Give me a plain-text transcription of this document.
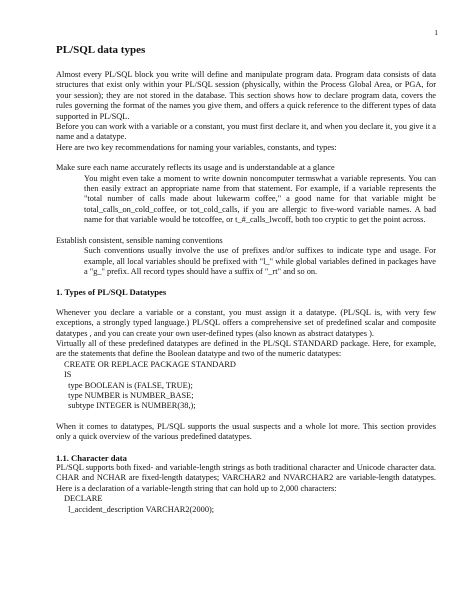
1
PL/SQL data types

Almost every PL/SQL block you write will define and manipulate program data. Program data consists of data structures that exist only within your PL/SQL session (physically, within the Process Global Area, or PGA, for your session); they are not stored in the database. This section shows how to declare program data, covers the rules governing the format of the names you give them, and offers a quick reference to the different types of data supported in PL/SQL.

Before you can work with a variable or a constant, you must first declare it, and when you declare it, you give it a name and a datatype.

Here are two key recommendations for naming your variables, constants, and types:

Make sure each name accurately reflects its usage and is understandable at a glance

You might even take a moment to write downin noncomputer termswhat a variable represents. You can then easily extract an appropriate name from that statement. For example, if a variable represents the "total number of calls made about lukewarm coffee," a good name for that variable might be total_calls_on_cold_coffee, or tot_cold_calls, if you are allergic to five-word variable names. A bad name for that variable would be totcoffee, or t_#_calls_lwcoff, both too cryptic to get the point across.

Establish consistent, sensible naming conventions

Such conventions usually involve the use of prefixes and/or suffixes to indicate type and usage. For example, all local variables should be prefixed with "l_" while global variables defined in packages have a "g_" prefix. All record types should have a suffix of "_rt" and so on.

1. Types of PL/SQL Datatypes

Whenever you declare a variable or a constant, you must assign it a datatype. (PL/SQL is, with very few exceptions, a strongly typed language.) PL/SQL offers a comprehensive set of predefined scalar and composite datatypes , and you can create your own user-defined types (also known as abstract datatypes ).

Virtually all of these predefined datatypes are defined in the PL/SQL STANDARD package. Here, for example, are the statements that define the Boolean datatype and two of the numeric datatypes:

CREATE OR REPLACE PACKAGE STANDARD
IS
type BOOLEAN is (FALSE, TRUE);
type NUMBER is NUMBER_BASE;
subtype INTEGER is NUMBER(38,);

When it comes to datatypes, PL/SQL supports the usual suspects and a whole lot more. This section provides only a quick overview of the various predefined datatypes.

1.1. Character data

PL/SQL supports both fixed- and variable-length strings as both traditional character and Unicode character data. CHAR and NCHAR are fixed-length datatypes; VARCHAR2 and NVARCHAR2 are variable-length datatypes. Here is a declaration of a variable-length string that can hold up to 2,000 characters:

DECLARE
l_accident_description VARCHAR2(2000);
